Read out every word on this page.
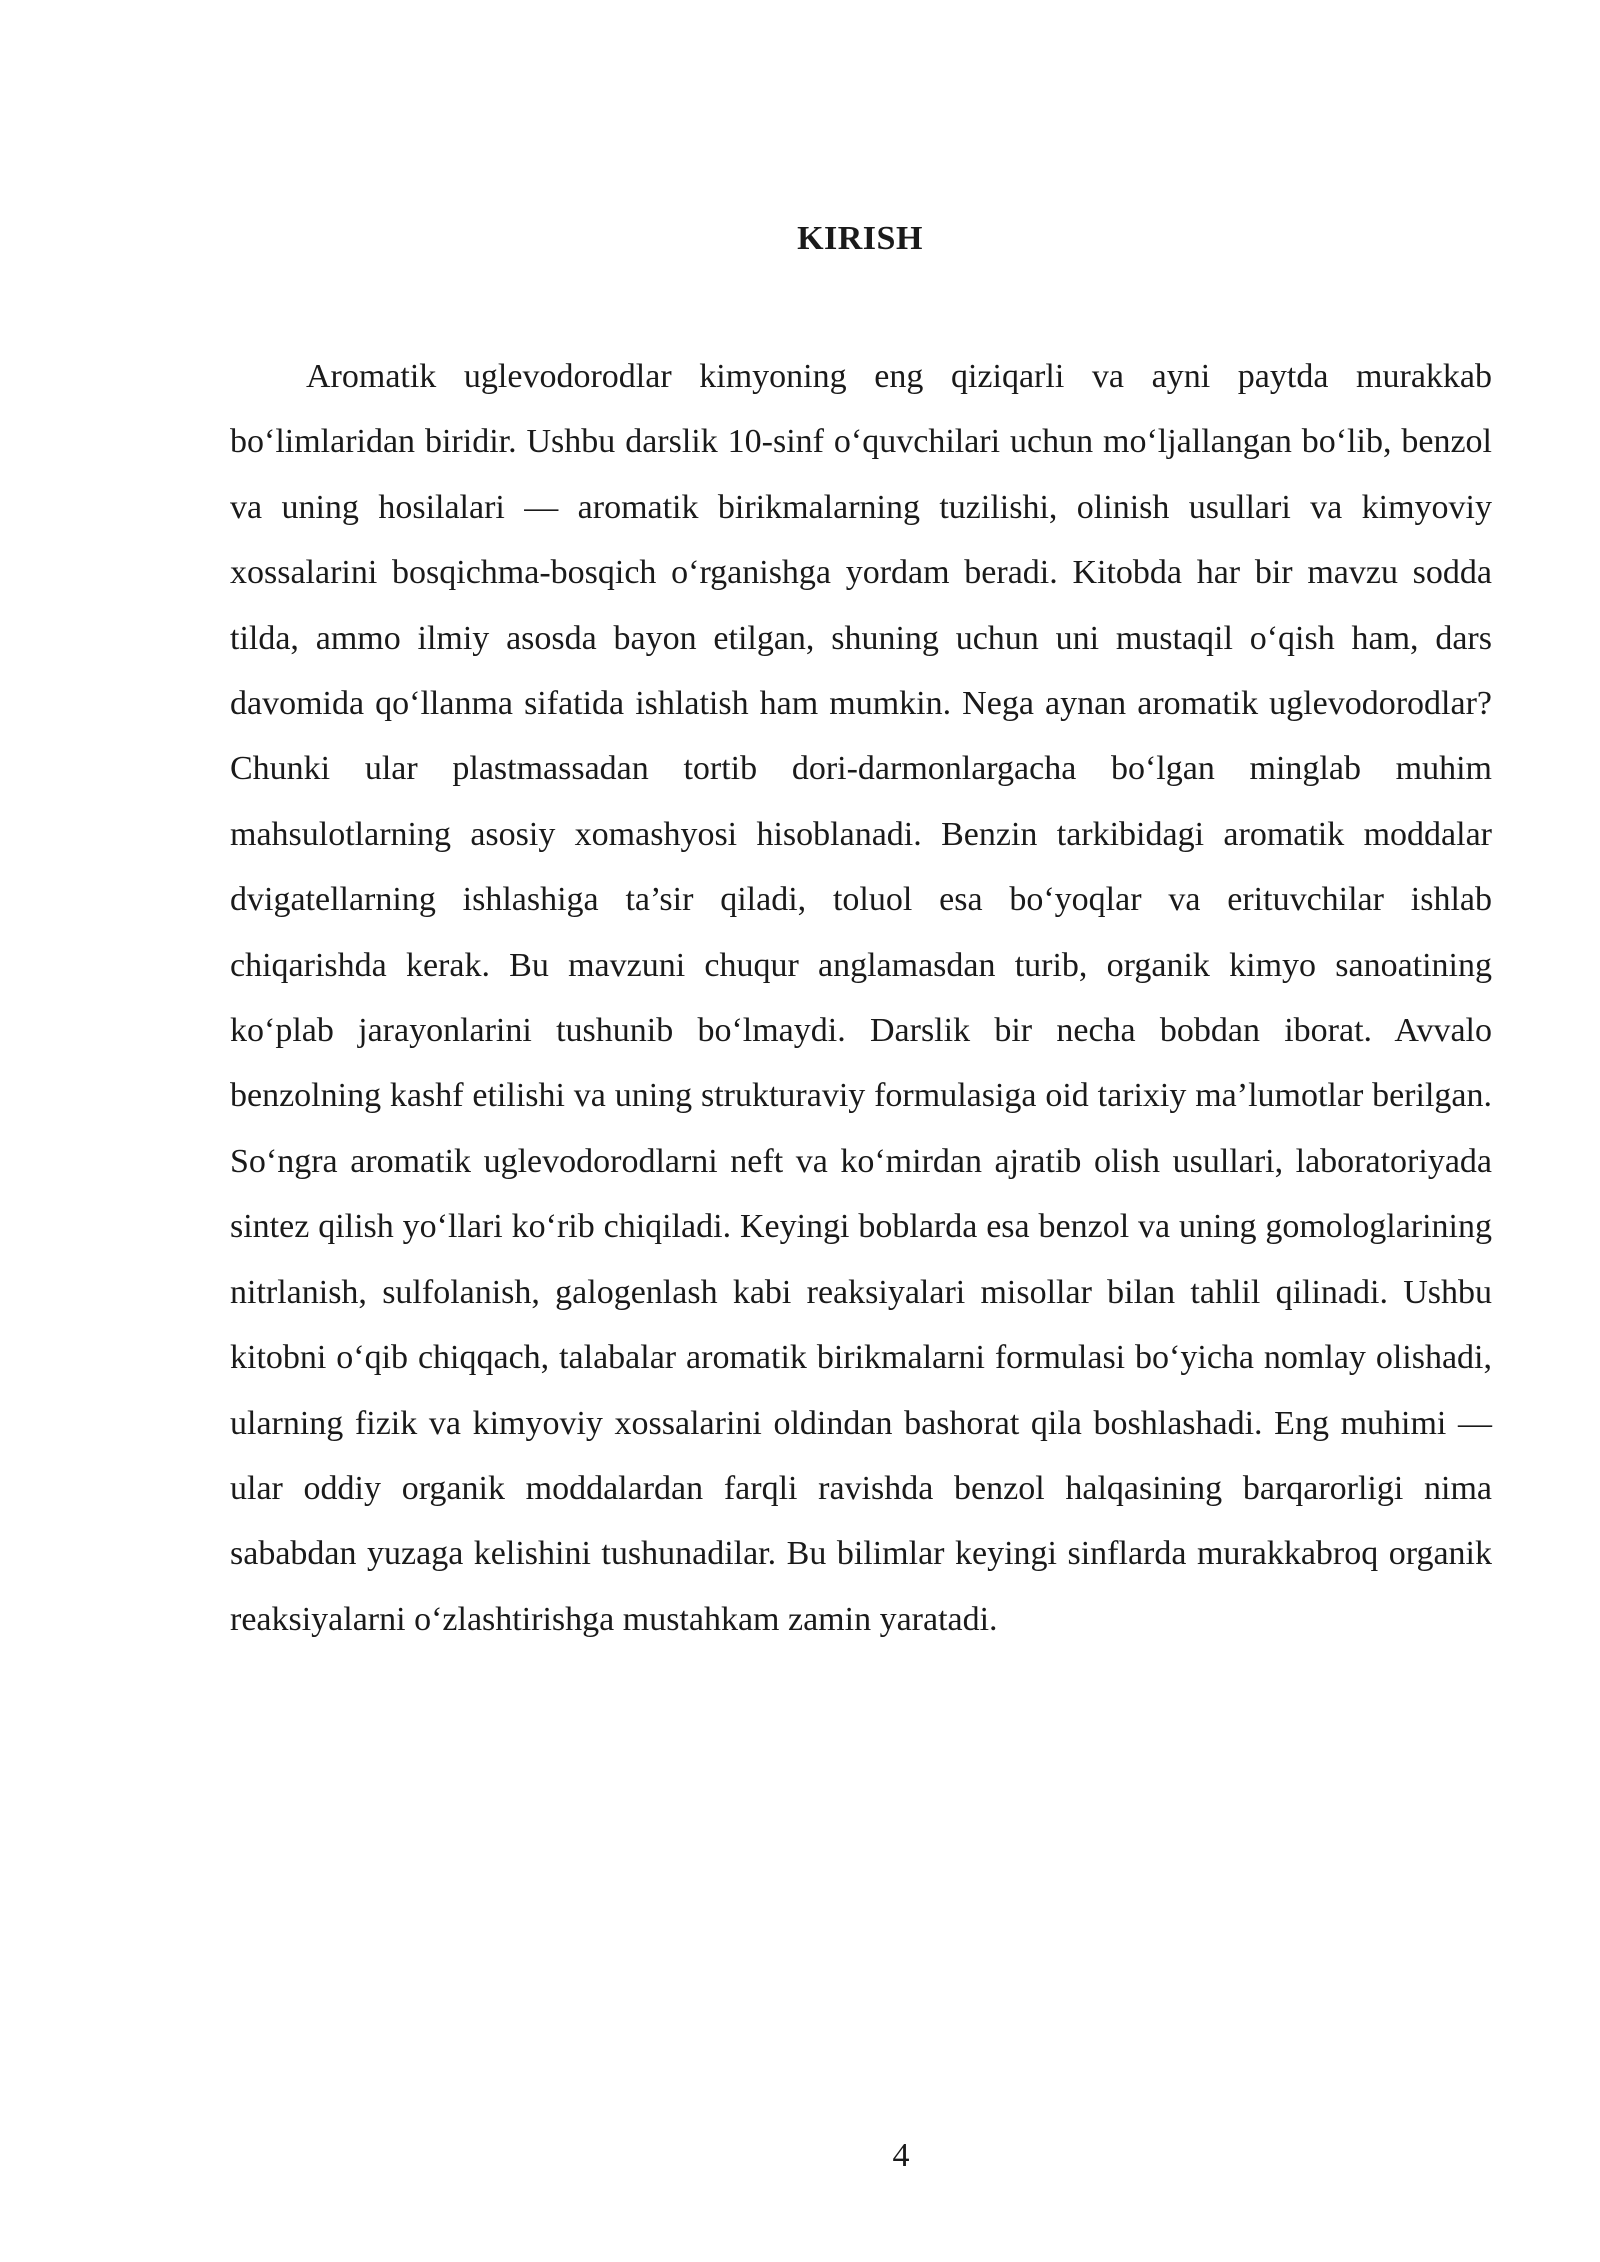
KIRISH

Aromatik uglevodorodlar kimyoning eng qiziqarli va ayni paytda murakkab bo‘limlaridan biridir. Ushbu darslik 10-sinf o‘quvchilari uchun mo‘ljallangan bo‘lib, benzol va uning hosilalari — aromatik birikmalarning tuzilishi, olinish usullari va kimyoviy xossalarini bosqichma-bosqich o‘rganishga yordam beradi. Kitobda har bir mavzu sodda tilda, ammo ilmiy asosda bayon etilgan, shuning uchun uni mustaqil o‘qish ham, dars davomida qo‘llanma sifatida ishlatish ham mumkin. Nega aynan aromatik uglevodorodlar? Chunki ular plastmassadan tortib dori-darmonlargacha bo‘lgan minglab muhim mahsulotlarning asosiy xomashyosi hisoblanadi. Benzin tarkibidagi aromatik moddalar dvigatellarning ishlashiga ta’sir qiladi, toluol esa bo‘yoqlar va erituvchilar ishlab chiqarishda kerak. Bu mavzuni chuqur anglamasdan turib, organik kimyo sanoatining ko‘plab jarayonlarini tushunib bo‘lmaydi. Darslik bir necha bobdan iborat. Avvalo benzolning kashf etilishi va uning strukturaviy formulasiga oid tarixiy ma’lumotlar berilgan. So‘ngra aromatik uglevodorodlarni neft va ko‘mirdan ajratib olish usullari, laboratoriyada sintez qilish yo‘llari ko‘rib chiqiladi. Keyingi boblarda esa benzol va uning gomologlarining nitrlanish, sulfolanish, galogenlash kabi reaksiyalari misollar bilan tahlil qilinadi. Ushbu kitobni o‘qib chiqqach, talabalar aromatik birikmalarni formulasi bo‘yicha nomlay olishadi, ularning fizik va kimyoviy xossalarini oldindan bashorat qila boshlashadi. Eng muhimi — ular oddiy organik moddalardan farqli ravishda benzol halqasining barqarorligi nima sababdan yuzaga kelishini tushunadilar. Bu bilimlar keyingi sinflarda murakkabroq organik reaksiyalarni o‘zlashtirishga mustahkam zamin yaratadi.

4
